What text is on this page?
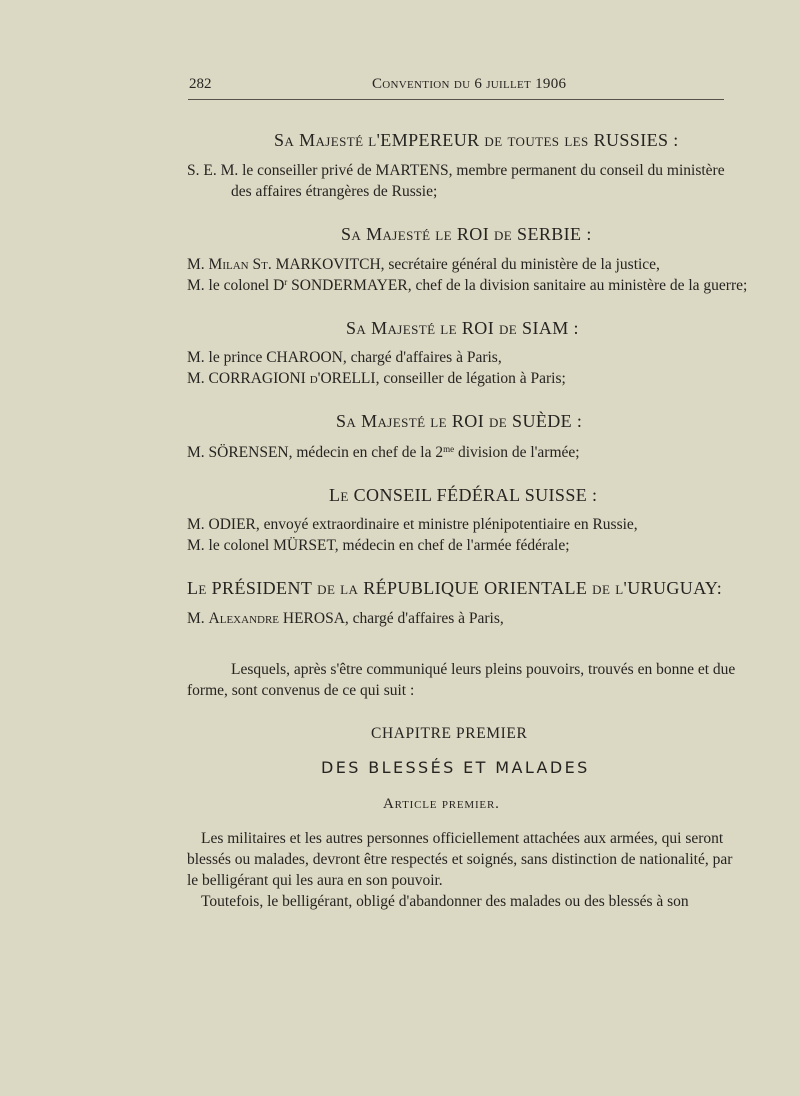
282	Convention du 6 juillet 1906
Sa Majesté l'EMPEREUR de toutes les RUSSIES :
S. E. M. le conseiller privé de MARTENS, membre permanent du conseil du ministère
des affaires étrangères de Russie;
Sa Majesté le ROI de SERBIE :
M. Milan St. MARKOVITCH, secrétaire général du ministère de la justice,
M. le colonel $D^r$ SONDERMAYER, chef de la division sanitaire au ministère de la guerre;
Sa Majesté le ROI de SIAM :
M. le prince CHAROON, chargé d'affaires à Paris,
M. CORRAGIONI d'ORELLI, conseiller de légation à Paris;
Sa Majesté le ROI de SUÈDE :
M. SÖRENSEN, médecin en chef de la $2^{me}$ division de l'armée;
Le CONSEIL FÉDÉRAL SUISSE :
M. ODIER, envoyé extraordinaire et ministre plénipotentiaire en Russie,
M. le colonel MÜRSET, médecin en chef de l'armée fédérale;
Le PRÉSIDENT de la RÉPUBLIQUE ORIENTALE de l'URUGUAY:
M. Alexandre HEROSA, chargé d'affaires à Paris,
Lesquels, après s'être communiqué leurs pleins pouvoirs, trouvés en bonne et due
forme, sont convenus de ce qui suit :
CHAPITRE PREMIER
DES BLESSÉS ET MALADES
Article premier.
Les militaires et les autres personnes officiellement attachées aux armées, qui seront
blessés ou malades, devront être respectés et soignés, sans distinction de nationalité, par
le belligérant qui les aura en son pouvoir.
Toutefois, le belligérant, obligé d'abandonner des malades ou des blessés à son
